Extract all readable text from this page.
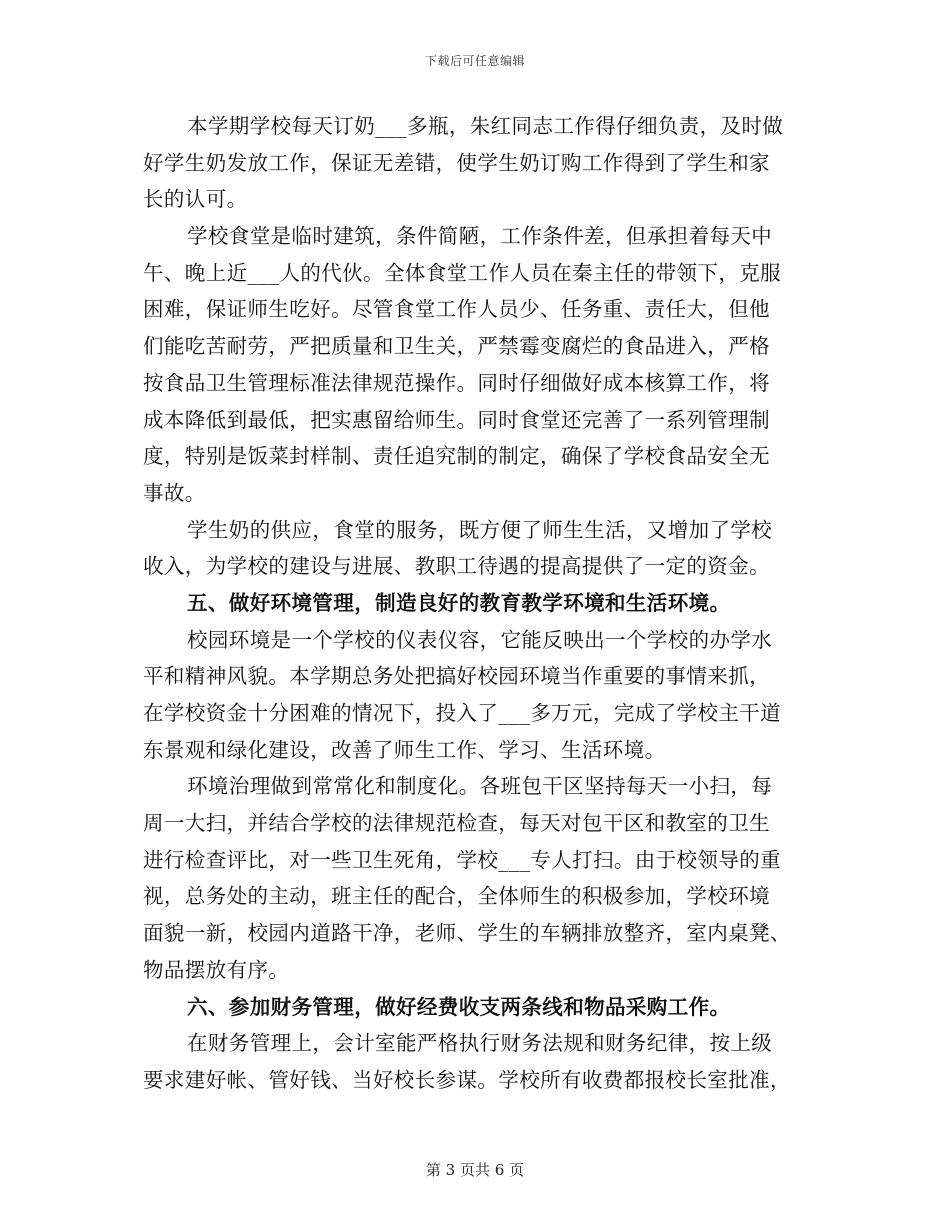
下载后可任意编辑
本学期学校每天订奶___多瓶，朱红同志工作得仔细负责，及时做
好学生奶发放工作，保证无差错，使学生奶订购工作得到了学生和家
长的认可。
学校食堂是临时建筑，条件简陋，工作条件差，但承担着每天中
午、晚上近___人的代伙。全体食堂工作人员在秦主任的带领下，克服
困难，保证师生吃好。尽管食堂工作人员少、任务重、责任大，但他
们能吃苦耐劳，严把质量和卫生关，严禁霉变腐烂的食品进入，严格
按食品卫生管理标准法律规范操作。同时仔细做好成本核算工作，将
成本降低到最低，把实惠留给师生。同时食堂还完善了一系列管理制
度，特别是饭菜封样制、责任追究制的制定，确保了学校食品安全无
事故。
学生奶的供应，食堂的服务，既方便了师生生活，又增加了学校
收入，为学校的建设与进展、教职工待遇的提高提供了一定的资金。
五、做好环境管理，制造良好的教育教学环境和生活环境。
校园环境是一个学校的仪表仪容，它能反映出一个学校的办学水
平和精神风貌。本学期总务处把搞好校园环境当作重要的事情来抓，
在学校资金十分困难的情况下，投入了___多万元，完成了学校主干道
东景观和绿化建设，改善了师生工作、学习、生活环境。
环境治理做到常常化和制度化。各班包干区坚持每天一小扫，每
周一大扫，并结合学校的法律规范检查，每天对包干区和教室的卫生
进行检查评比，对一些卫生死角，学校___专人打扫。由于校领导的重
视，总务处的主动，班主任的配合，全体师生的积极参加，学校环境
面貌一新，校园内道路干净，老师、学生的车辆排放整齐，室内桌凳、
物品摆放有序。
六、参加财务管理，做好经费收支两条线和物品采购工作。
在财务管理上，会计室能严格执行财务法规和财务纪律，按上级
要求建好帐、管好钱、当好校长参谋。学校所有收费都报校长室批准，
第 3 页共 6 页
